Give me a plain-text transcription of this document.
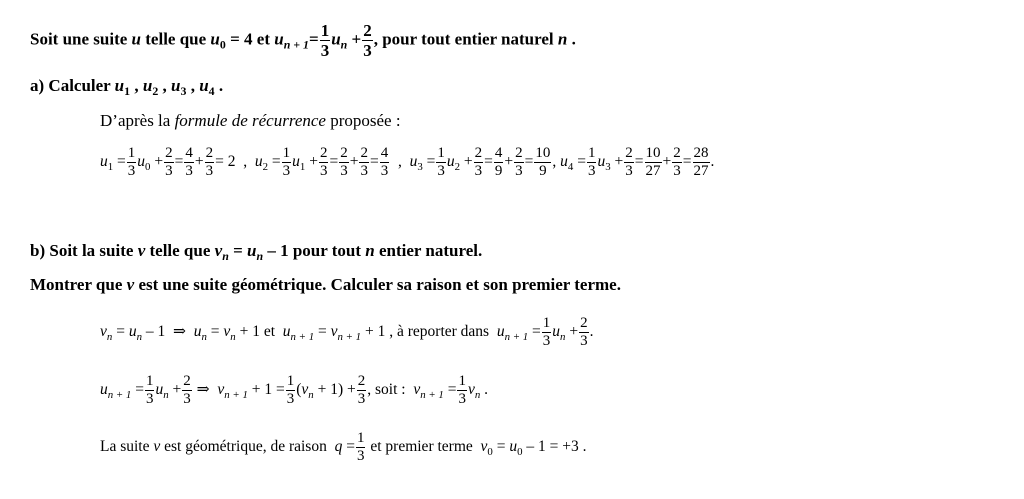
Soit une suite u telle que $u_0 = 4$ et $u_{n + 1}= \frac{1}{3} u_n + \frac{2}{3}$ , pour tout entier naturel n .
a) Calculer $u_1$ , $u_2$ , $u_3$ , $u_4$ .
D’après la formule de récurrence proposée :
$u_1 = \frac{1}{3} u_0 + \frac{2}{3} = \frac{4}{3} + \frac{2}{3} = 2$  ,  $u_2 = \frac{1}{3} u_1 + \frac{2}{3} = \frac{2}{3} + \frac{2}{3} = \frac{4}{3}$ ,  $u_3 = \frac{1}{3} u_2 + \frac{2}{3} = \frac{4}{9} + \frac{2}{3} = \frac{10}{9}$ , $u_4 = \frac{1}{3} u_3 + \frac{2}{3} = \frac{10}{27} + \frac{2}{3} = \frac{28}{27}$ .
b) Soit la suite v telle que $v_n = u_n - 1$ pour tout n entier naturel.
Montrer que v est une suite géométrique. Calculer sa raison et son premier terme.
$v_n = u_n - 1$  ⇒  $u_n = v_n + 1$ et $u_{n + 1} = v_{n + 1} + 1$ , à reporter dans $u_{n + 1} = \frac{1}{3} u_n + \frac{2}{3}$ .
$u_{n + 1} = \frac{1}{3} u_n + \frac{2}{3}$ ⇒  $v_{n + 1} + 1 = \frac{1}{3} (v_n + 1) + \frac{2}{3}$ , soit : $v_{n + 1} = \frac{1}{3} v_n$ .
La suite v est géométrique, de raison $q = \frac{1}{3}$ et premier terme $v_0 = u_0 - 1 = +3$ .
